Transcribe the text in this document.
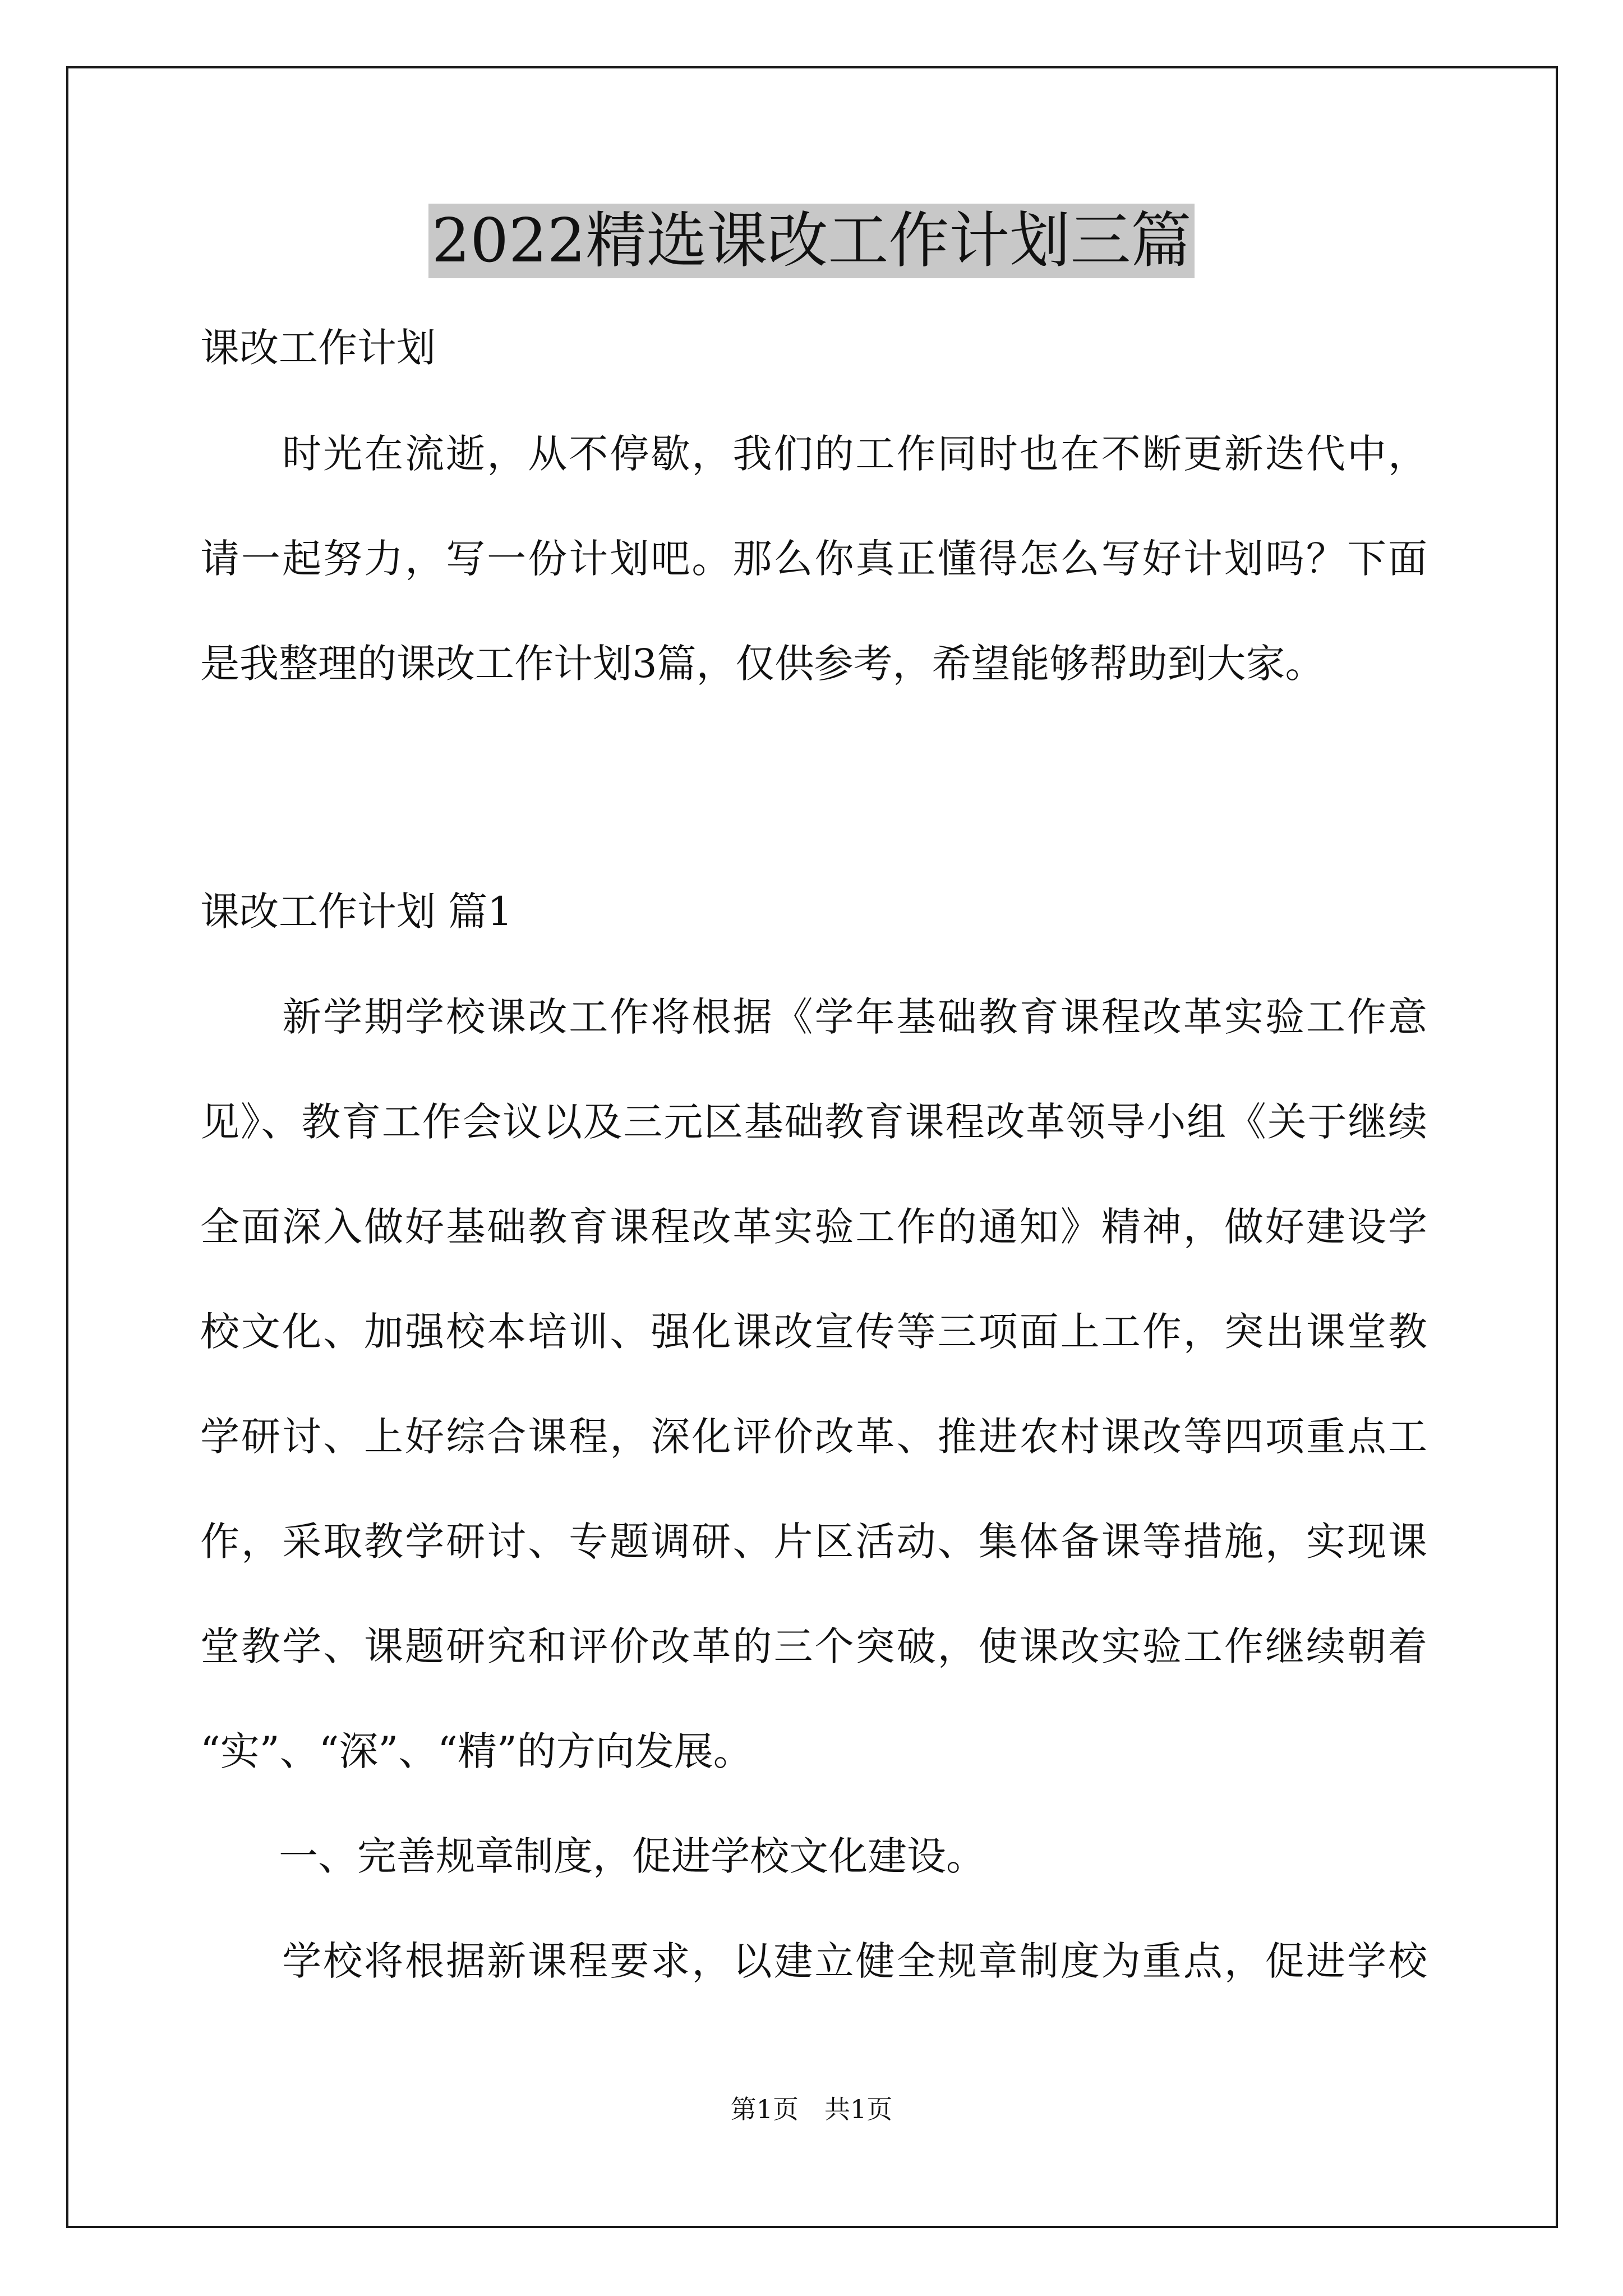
2022精选课改工作计划三篇
课改工作计划
　　时光在流逝，从不停歇，我们的工作同时也在不断更新迭代中，
请一起努力，写一份计划吧。那么你真正懂得怎么写好计划吗？下面
是我整理的课改工作计划3篇，仅供参考，希望能够帮助到大家。
课改工作计划 篇1
　　新学期学校课改工作将根据《学年基础教育课程改革实验工作意
见》、教育工作会议以及三元区基础教育课程改革领导小组《关于继续
全面深入做好基础教育课程改革实验工作的通知》精神，做好建设学
校文化、加强校本培训、强化课改宣传等三项面上工作，突出课堂教
学研讨、上好综合课程，深化评价改革、推进农村课改等四项重点工
作，采取教学研讨、专题调研、片区活动、集体备课等措施，实现课
堂教学、课题研究和评价改革的三个突破，使课改实验工作继续朝着
“实”、“深”、“精”的方向发展。
　　一、完善规章制度，促进学校文化建设。
　　学校将根据新课程要求，以建立健全规章制度为重点，促进学校
第1页　共1页
